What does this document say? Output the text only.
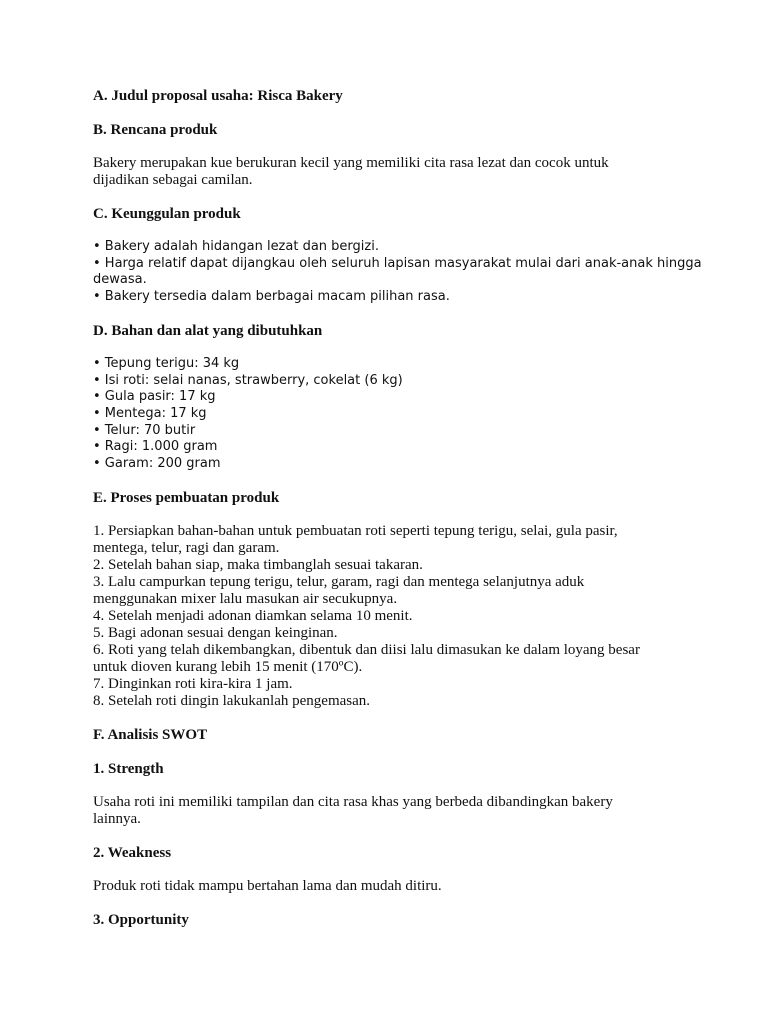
A. Judul proposal usaha: Risca Bakery

B. Rencana produk

Bakery merupakan kue berukuran kecil yang memiliki cita rasa lezat dan cocok untuk

dijadikan sebagai camilan.

C. Keunggulan produk

• Bakery adalah hidangan lezat dan bergizi.

• Harga relatif dapat dijangkau oleh seluruh lapisan masyarakat mulai dari anak-anak hingga

dewasa.

• Bakery tersedia dalam berbagai macam pilihan rasa.

D. Bahan dan alat yang dibutuhkan

• Tepung terigu: 34 kg

• Isi roti: selai nanas, strawberry, cokelat (6 kg)

• Gula pasir: 17 kg

• Mentega: 17 kg

• Telur: 70 butir

• Ragi: 1.000 gram

• Garam: 200 gram

E. Proses pembuatan produk

1. Persiapkan bahan-bahan untuk pembuatan roti seperti tepung terigu, selai, gula pasir,

mentega, telur, ragi dan garam.

2. Setelah bahan siap, maka timbanglah sesuai takaran.

3. Lalu campurkan tepung terigu, telur, garam, ragi dan mentega selanjutnya aduk

menggunakan mixer lalu masukan air secukupnya.

4. Setelah menjadi adonan diamkan selama 10 menit.

5. Bagi adonan sesuai dengan keinginan.

6. Roti yang telah dikembangkan, dibentuk dan diisi lalu dimasukan ke dalam loyang besar

untuk dioven kurang lebih 15 menit (170ºC).

7. Dinginkan roti kira-kira 1 jam.

8. Setelah roti dingin lakukanlah pengemasan.

F. Analisis SWOT

1. Strength

Usaha roti ini memiliki tampilan dan cita rasa khas yang berbeda dibandingkan bakery

lainnya.

2. Weakness

Produk roti tidak mampu bertahan lama dan mudah ditiru.

3. Opportunity
